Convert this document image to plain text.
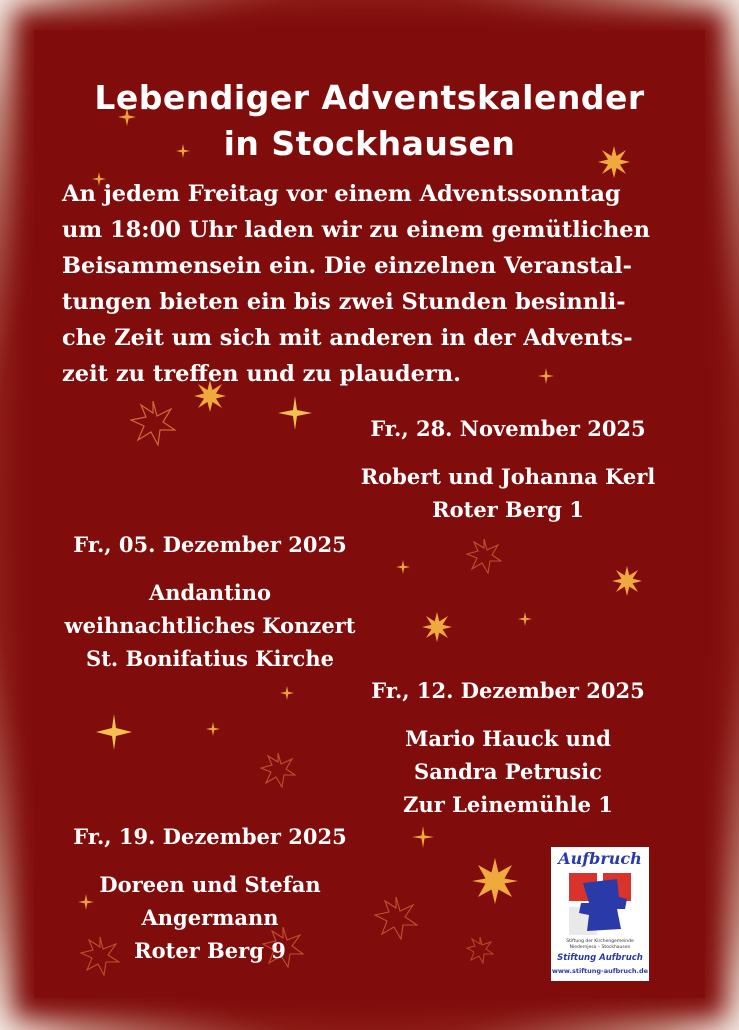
Lebendiger Adventskalender
in Stockhausen
An jedem Freitag vor einem Adventssonntag
um 18:00 Uhr laden wir zu einem gemütlichen
Beisammensein ein. Die einzelnen Veranstal-
tungen bieten ein bis zwei Stunden besinnli-
che Zeit um sich mit anderen in der Advents-
zeit zu treffen und zu plaudern.
Fr., 28. November 2025
Robert und Johanna Kerl
Roter Berg 1
Fr., 05. Dezember 2025
Andantino
weihnachtliches Konzert
St. Bonifatius Kirche
Fr., 12. Dezember 2025
Mario Hauck und
Sandra Petrusic
Zur Leinemühle 1
Fr., 19. Dezember 2025
Doreen und Stefan
Angermann
Roter Berg 9
Aufbruch
Stiftung der Kirchengemeinde Niedernjesa – Stockhausen
Stiftung Aufbruch
www.stiftung-aufbruch.de
